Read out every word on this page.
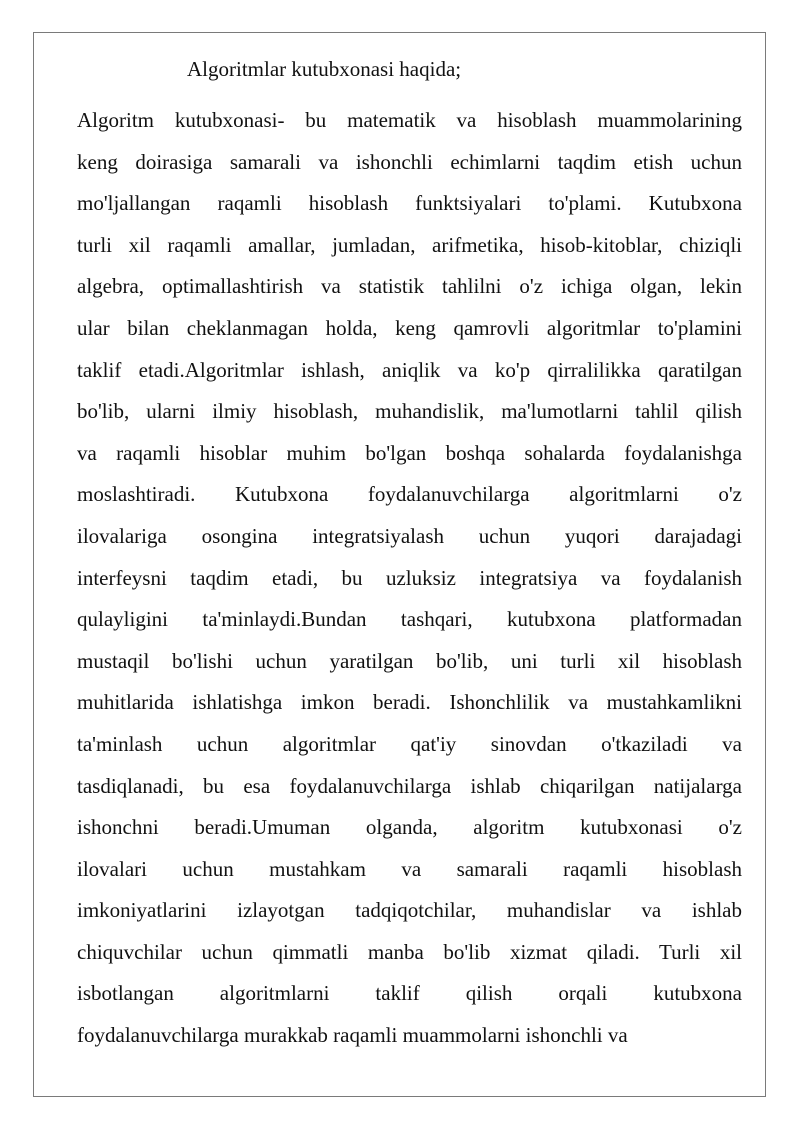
Algoritmlar kutubxonasi haqida;
Algoritm kutubxonasi- bu matematik va hisoblash muammolarining
keng doirasiga samarali va ishonchli echimlarni taqdim etish uchun
mo'ljallangan raqamli hisoblash funktsiyalari to'plami. Kutubxona
turli xil raqamli amallar, jumladan, arifmetika, hisob-kitoblar, chiziqli
algebra, optimallashtirish va statistik tahlilni o'z ichiga olgan, lekin
ular bilan cheklanmagan holda, keng qamrovli algoritmlar to'plamini
taklif etadi.Algoritmlar ishlash, aniqlik va ko'p qirralilikka qaratilgan
bo'lib, ularni ilmiy hisoblash, muhandislik, ma'lumotlarni tahlil qilish
va raqamli hisoblar muhim bo'lgan boshqa sohalarda foydalanishga
moslashtiradi. Kutubxona foydalanuvchilarga algoritmlarni o'z
ilovalariga osongina integratsiyalash uchun yuqori darajadagi
interfeysni taqdim etadi, bu uzluksiz integratsiya va foydalanish
qulayligini ta'minlaydi.Bundan tashqari, kutubxona platformadan
mustaqil bo'lishi uchun yaratilgan bo'lib, uni turli xil hisoblash
muhitlarida ishlatishga imkon beradi. Ishonchlilik va mustahkamlikni
ta'minlash uchun algoritmlar qat'iy sinovdan o'tkaziladi va
tasdiqlanadi, bu esa foydalanuvchilarga ishlab chiqarilgan natijalarga
ishonchni beradi.Umuman olganda, algoritm kutubxonasi o'z
ilovalari uchun mustahkam va samarali raqamli hisoblash
imkoniyatlarini izlayotgan tadqiqotchilar, muhandislar va ishlab
chiquvchilar uchun qimmatli manba bo'lib xizmat qiladi. Turli xil
isbotlangan algoritmlarni taklif qilish orqali kutubxona
foydalanuvchilarga murakkab raqamli muammolarni ishonchli va
